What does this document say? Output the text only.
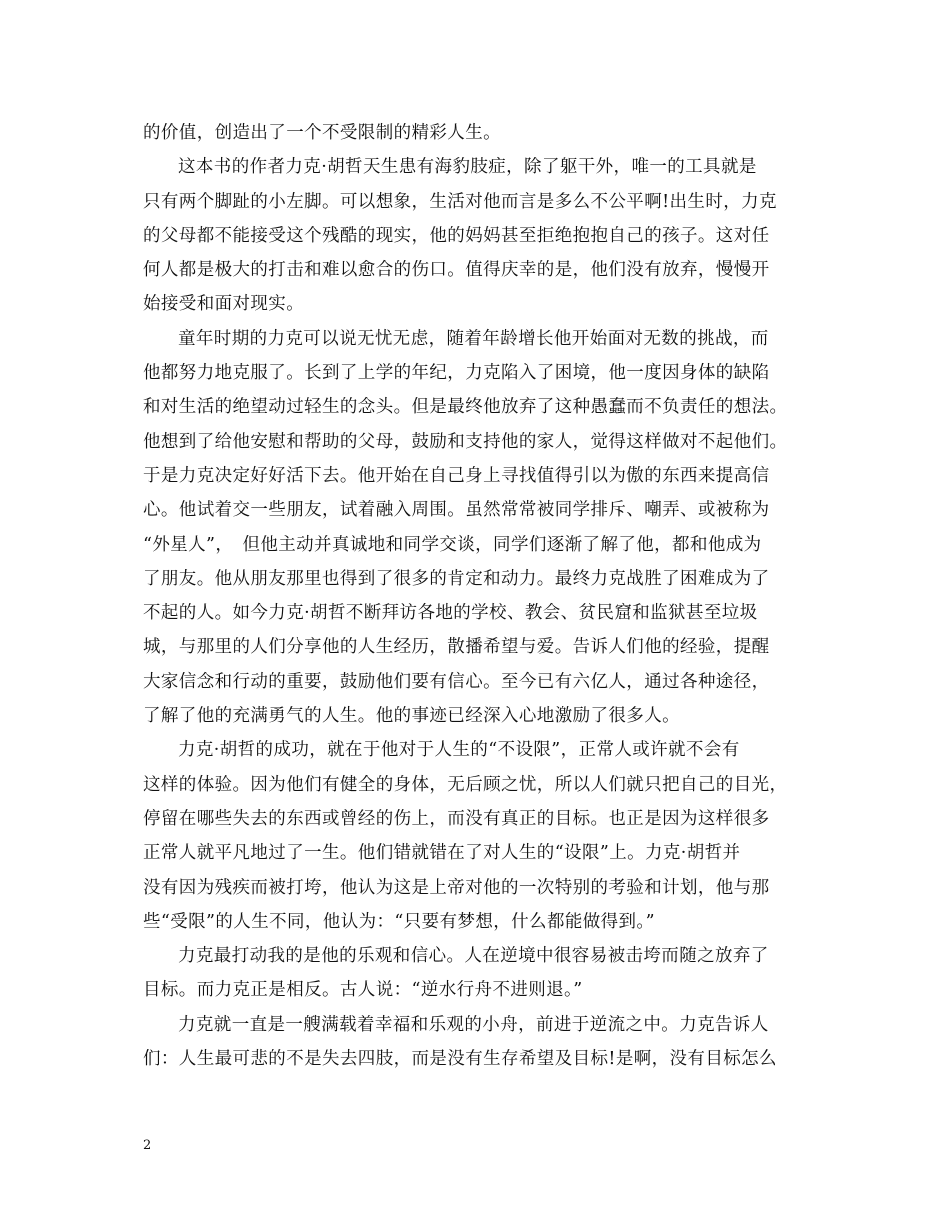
的价值，创造出了一个不受限制的精彩人生。
这本书的作者力克·胡哲天生患有海豹肢症，除了躯干外，唯一的工具就是
只有两个脚趾的小左脚。可以想象，生活对他而言是多么不公平啊!出生时，力克
的父母都不能接受这个残酷的现实，他的妈妈甚至拒绝抱抱自己的孩子。这对任
何人都是极大的打击和难以愈合的伤口。值得庆幸的是，他们没有放弃，慢慢开
始接受和面对现实。
童年时期的力克可以说无忧无虑，随着年龄增长他开始面对无数的挑战，而
他都努力地克服了。长到了上学的年纪，力克陷入了困境，他一度因身体的缺陷
和对生活的绝望动过轻生的念头。但是最终他放弃了这种愚蠢而不负责任的想法。
他想到了给他安慰和帮助的父母，鼓励和支持他的家人，觉得这样做对不起他们。
于是力克决定好好活下去。他开始在自己身上寻找值得引以为傲的东西来提高信
心。他试着交一些朋友，试着融入周围。虽然常常被同学排斥、嘲弄、或被称为
“外星人”，　但他主动并真诚地和同学交谈，同学们逐渐了解了他，都和他成为
了朋友。他从朋友那里也得到了很多的肯定和动力。最终力克战胜了困难成为了
不起的人。如今力克·胡哲不断拜访各地的学校、教会、贫民窟和监狱甚至垃圾
城，与那里的人们分享他的人生经历，散播希望与爱。告诉人们他的经验，提醒
大家信念和行动的重要，鼓励他们要有信心。至今已有六亿人，通过各种途径，
了解了他的充满勇气的人生。他的事迹已经深入心地激励了很多人。
力克·胡哲的成功，就在于他对于人生的“不设限”，正常人或许就不会有
这样的体验。因为他们有健全的身体，无后顾之忧，所以人们就只把自己的目光，
停留在哪些失去的东西或曾经的伤上，而没有真正的目标。也正是因为这样很多
正常人就平凡地过了一生。他们错就错在了对人生的“设限”上。力克·胡哲并
没有因为残疾而被打垮，他认为这是上帝对他的一次特别的考验和计划，他与那
些“受限”的人生不同，他认为：“只要有梦想，什么都能做得到。”
力克最打动我的是他的乐观和信心。人在逆境中很容易被击垮而随之放弃了
目标。而力克正是相反。古人说：“逆水行舟不进则退。”
力克就一直是一艘满载着幸福和乐观的小舟，前进于逆流之中。力克告诉人
们：人生最可悲的不是失去四肢，而是没有生存希望及目标!是啊，没有目标怎么
2
